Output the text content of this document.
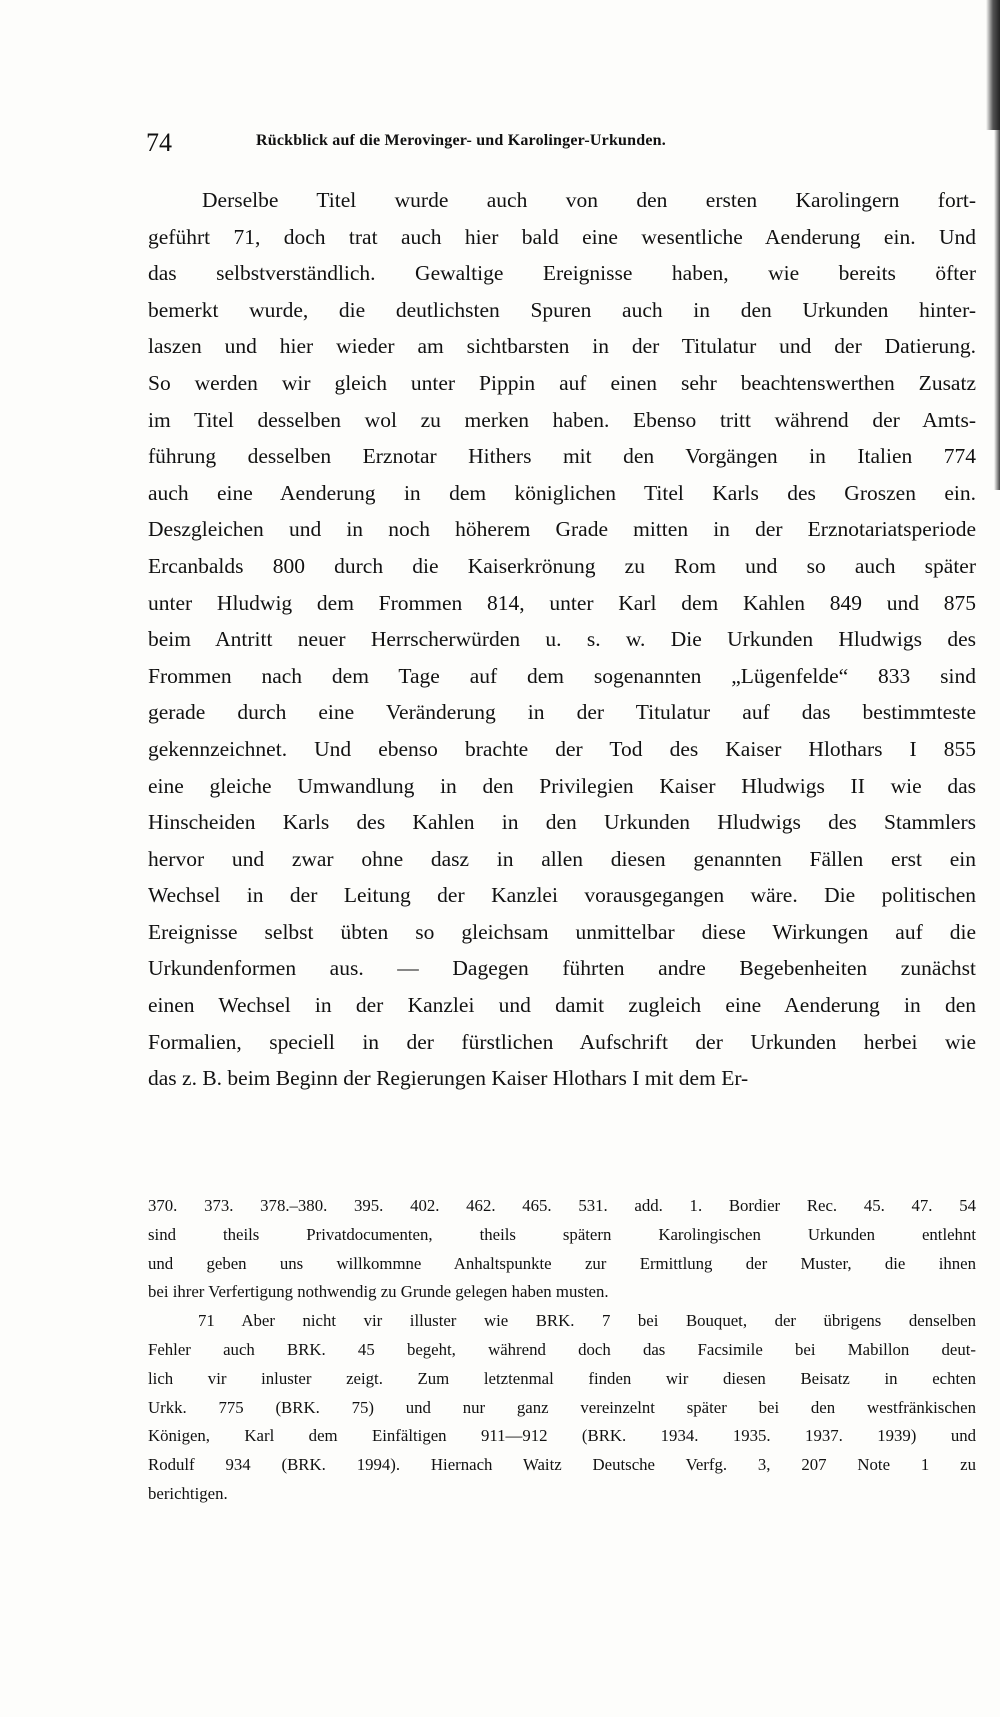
74	Rückblick auf die Merovinger- und Karolinger-Urkunden.
Derselbe Titel wurde auch von den ersten Karolingern fort-
geführt 71, doch trat auch hier bald eine wesentliche Aenderung ein. Und
das selbstverständlich. Gewaltige Ereignisse haben, wie bereits öfter
bemerkt wurde, die deutlichsten Spuren auch in den Urkunden hinter-
laszen und hier wieder am sichtbarsten in der Titulatur und der Datierung.
So werden wir gleich unter Pippin auf einen sehr beachtenswerthen Zusatz
im Titel desselben wol zu merken haben. Ebenso tritt während der Amts-
führung desselben Erznotar Hithers mit den Vorgängen in Italien 774
auch eine Aenderung in dem königlichen Titel Karls des Groszen ein.
Deszgleichen und in noch höherem Grade mitten in der Erznotariatsperiode
Ercanbalds 800 durch die Kaiserkrönung zu Rom und so auch später
unter Hludwig dem Frommen 814, unter Karl dem Kahlen 849 und 875
beim Antritt neuer Herrscherwürden u. s. w. Die Urkunden Hludwigs des
Frommen nach dem Tage auf dem sogenannten „Lügenfelde“ 833 sind
gerade durch eine Veränderung in der Titulatur auf das bestimmteste
gekennzeichnet. Und ebenso brachte der Tod des Kaiser Hlothars I 855
eine gleiche Umwandlung in den Privilegien Kaiser Hludwigs II wie das
Hinscheiden Karls des Kahlen in den Urkunden Hludwigs des Stammlers
hervor und zwar ohne dasz in allen diesen genannten Fällen erst ein
Wechsel in der Leitung der Kanzlei vorausgegangen wäre. Die politischen
Ereignisse selbst übten so gleichsam unmittelbar diese Wirkungen auf die
Urkundenformen aus. — Dagegen führten andre Begebenheiten zunächst
einen Wechsel in der Kanzlei und damit zugleich eine Aenderung in den
Formalien, speciell in der fürstlichen Aufschrift der Urkunden herbei wie
das z. B. beim Beginn der Regierungen Kaiser Hlothars I mit dem Er-
370. 373. 378.–380. 395. 402. 462. 465. 531. add. 1. Bordier Rec. 45. 47. 54
sind theils Privatdocumenten, theils spätern Karolingischen Urkunden entlehnt
und geben uns willkommne Anhaltspunkte zur Ermittlung der Muster, die ihnen
bei ihrer Verfertigung nothwendig zu Grunde gelegen haben musten.
71 Aber nicht vir illuster wie BRK. 7 bei Bouquet, der übrigens denselben
Fehler auch BRK. 45 begeht, während doch das Facsimile bei Mabillon deut-
lich vir inluster zeigt. Zum letztenmal finden wir diesen Beisatz in echten
Urkk. 775 (BRK. 75) und nur ganz vereinzelnt später bei den westfränkischen
Königen, Karl dem Einfältigen 911—912 (BRK. 1934. 1935. 1937. 1939) und
Rodulf 934 (BRK. 1994). Hiernach Waitz Deutsche Verfg. 3, 207 Note 1 zu
berichtigen.
